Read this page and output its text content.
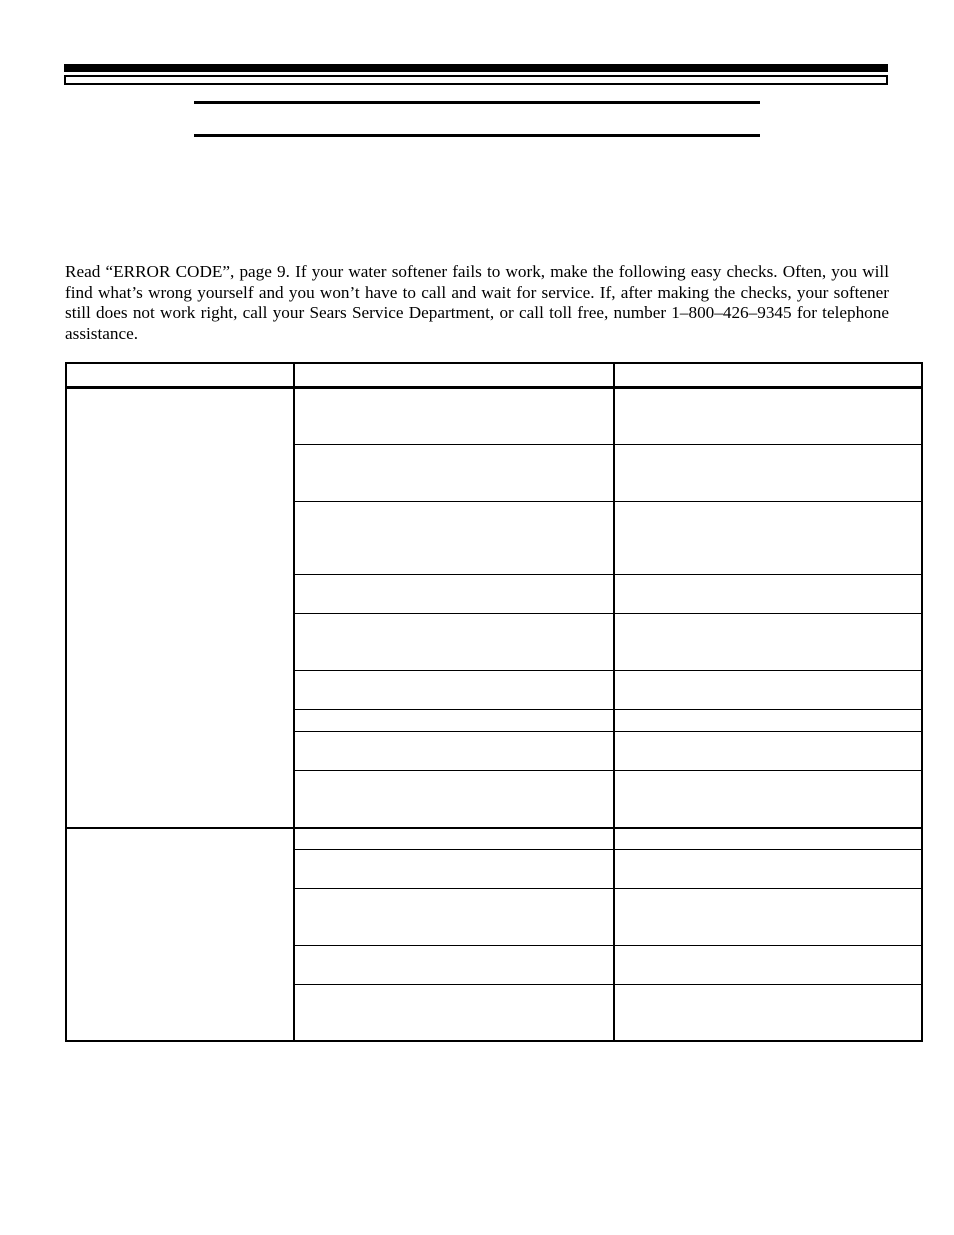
Read “ERROR CODE”, page 9. If your water softener fails to work, make the following easy checks. Often, you will find what’s wrong yourself and you won’t have to call and wait for service. If, after making the checks, your softener still does not work right, call your Sears Service Department, or call toll free, number 1–800–426–9345 for telephone assistance.
